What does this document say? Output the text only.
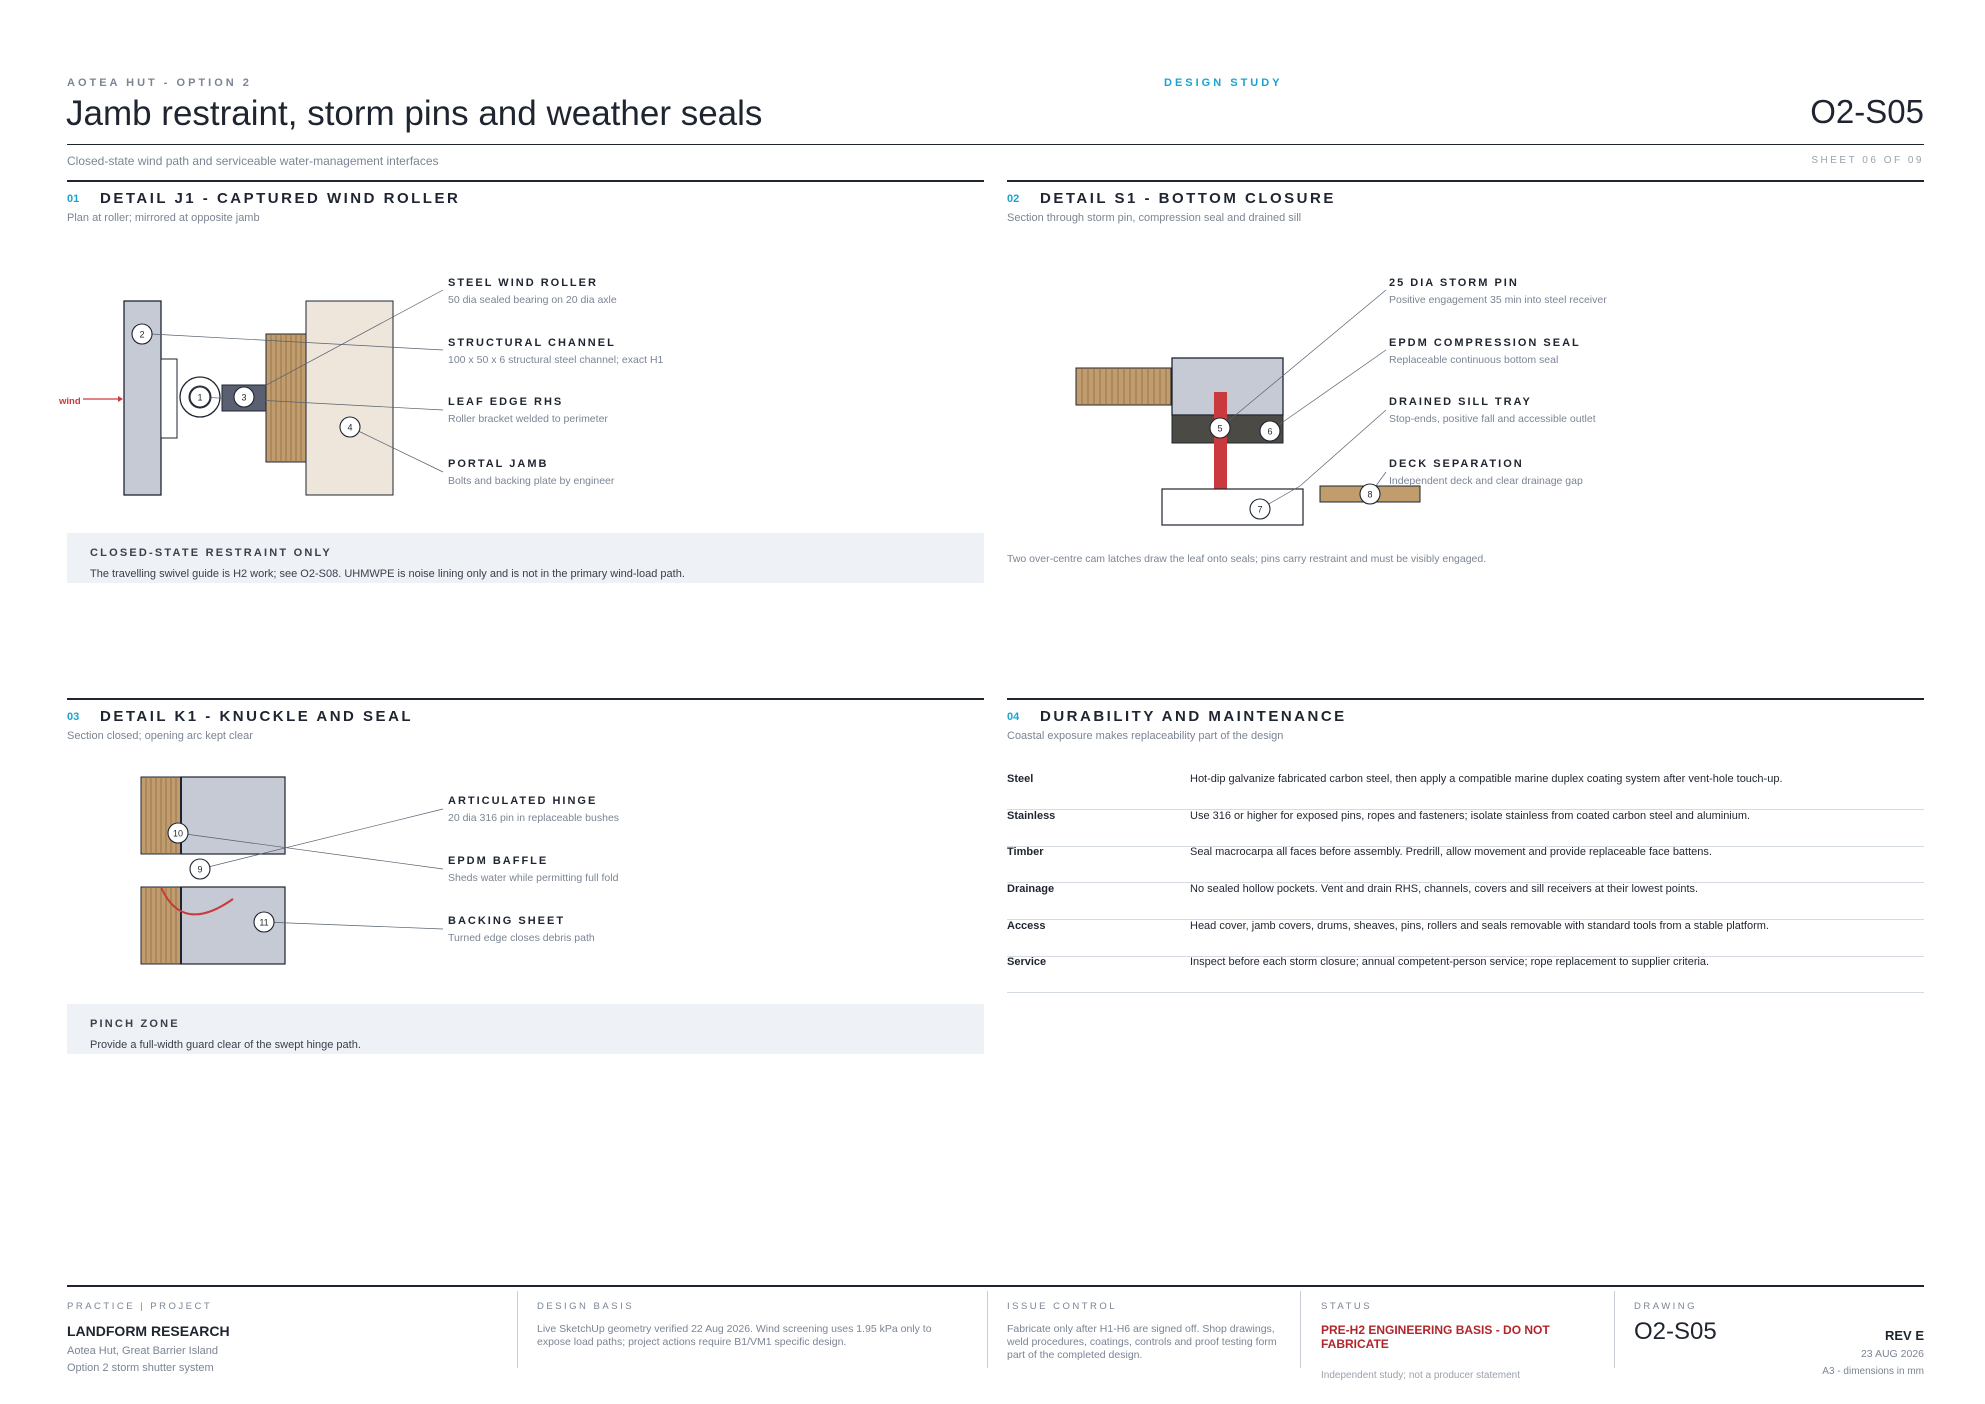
AOTEA HUT - OPTION 2	DESIGN STUDY
Jamb restraint, storm pins and weather seals	O2-S05
Closed-state wind path and serviceable water-management interfaces	SHEET 06 OF 09
01 DETAIL J1 - CAPTURED WIND ROLLER
Plan at roller; mirrored at opposite jamb
1
2
3
4	5	6
7
8
9
10
11
wind
STEEL WIND ROLLER
50 dia sealed bearing on 20 dia axle
STRUCTURAL CHANNEL
100 x 50 x 6 structural steel channel; exact H1
LEAF EDGE RHS
Roller bracket welded to perimeter
PORTAL JAMB
Bolts and backing plate by engineer
CLOSED-STATE RESTRAINT ONLY
The travelling swivel guide is H2 work; see O2-S08. UHMWPE is noise lining only and is not in the primary wind-load path.
02 DETAIL S1 - BOTTOM CLOSURE
Section through storm pin, compression seal and drained sill
25 DIA STORM PIN
Positive engagement 35 min into steel receiver
EPDM COMPRESSION SEAL
Replaceable continuous bottom seal
DRAINED SILL TRAY
Stop-ends, positive fall and accessible outlet
DECK SEPARATION
Independent deck and clear drainage gap
Two over-centre cam latches draw the leaf onto seals; pins carry restraint and must be visibly engaged.
03 DETAIL K1 - KNUCKLE AND SEAL
Section closed; opening arc kept clear
ARTICULATED HINGE
20 dia 316 pin in replaceable bushes
EPDM BAFFLE
Sheds water while permitting full fold
BACKING SHEET
Turned edge closes debris path
PINCH ZONE
Provide a full-width guard clear of the swept hinge path.
04 DURABILITY AND MAINTENANCE
Coastal exposure makes replaceability part of the design
Steel	Hot-dip galvanize fabricated carbon steel, then apply a compatible marine duplex coating system after vent-hole touch-up.
Stainless	Use 316 or higher for exposed pins, ropes and fasteners; isolate stainless from coated carbon steel and aluminium.
Timber	Seal macrocarpa all faces before assembly. Predrill, allow movement and provide replaceable face battens.
Drainage	No sealed hollow pockets. Vent and drain RHS, channels, covers and sill receivers at their lowest points.
Access	Head cover, jamb covers, drums, sheaves, pins, rollers and seals removable with standard tools from a stable platform.
Service	Inspect before each storm closure; annual competent-person service; rope replacement to supplier criteria.
PRACTICE | PROJECT
LANDFORM RESEARCH
Aotea Hut, Great Barrier Island
Option 2 storm shutter system
DESIGN BASIS
Live SketchUp geometry verified 22 Aug 2026. Wind screening uses 1.95 kPa only to expose load paths; project actions require B1/VM1 specific design.
ISSUE CONTROL
Fabricate only after H1-H6 are signed off. Shop drawings, weld procedures, coatings, controls and proof testing form part of the completed design.
STATUS
PRE-H2 ENGINEERING BASIS - DO NOT FABRICATE
Independent study; not a producer statement
DRAWING
O2-S05	REV E
23 AUG 2026
A3 - dimensions in mm
